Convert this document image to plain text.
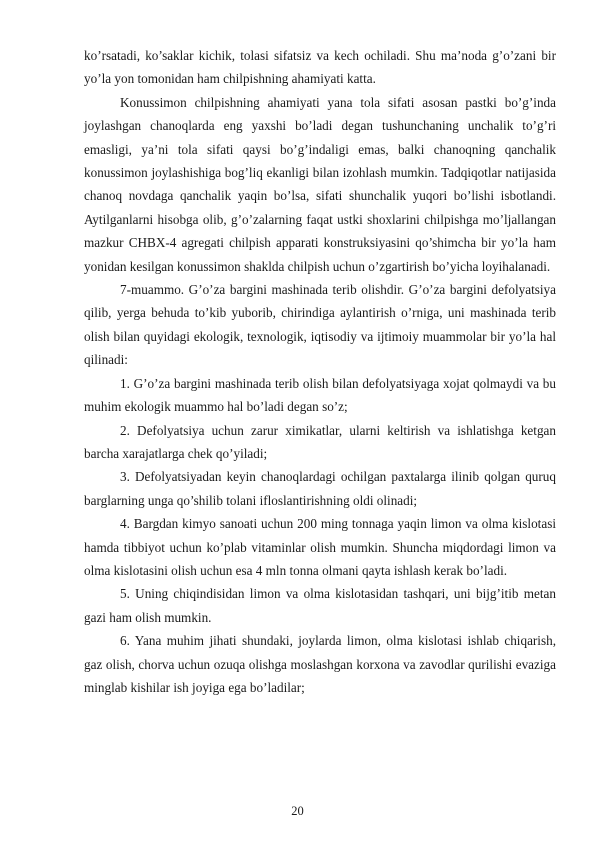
ko’rsatadi, ko’saklar kichik, tolasi sifatsiz va kech ochiladi. Shu ma’noda g’o’zani bir yo’la yon tomonidan ham chilpishning ahamiyati katta.

Konussimon chilpishning ahamiyati yana tola sifati asosan pastki bo’g’inda joylashgan chanoqlarda eng yaxshi bo’ladi degan tushunchaning unchalik to’g’ri emasligi, ya’ni tola sifati qaysi bo’g’indaligi emas, balki chanoqning qanchalik konussimon joylashishiga bog’liq ekanligi bilan izohlash mumkin. Tadqiqotlar natijasida chanoq novdaga qanchalik yaqin bo’lsa, sifati shunchalik yuqori bo’lishi isbotlandi. Aytilganlarni hisobga olib, g’o’zalarning faqat ustki shoxlarini chilpishga mo’ljallangan mazkur CHBX-4 agregati chilpish apparati konstruksiyasini qo’shimcha bir yo’la ham yonidan kesilgan konussimon shaklda chilpish uchun o’zgartirish bo’yicha loyihalanadi.

7-muammo. G’o’za bargini mashinada terib olishdir. G’o’za bargini defolyatsiya qilib, yerga behuda to’kib yuborib, chirindiga aylantirish o’rniga, uni mashinada terib olish bilan quyidagi ekologik, texnologik, iqtisodiy va ijtimoiy muammolar bir yo’la hal qilinadi:

1. G’o’za bargini mashinada terib olish bilan defolyatsiyaga xojat qolmaydi va bu muhim ekologik muammo hal bo’ladi degan so’z;

2. Defolyatsiya uchun zarur ximikatlar, ularni keltirish va ishlatishga ketgan barcha xarajatlarga chek qo’yiladi;

3. Defolyatsiyadan keyin chanoqlardagi ochilgan paxtalarga ilinib qolgan quruq barglarning unga qo’shilib tolani ifloslantirishning oldi olinadi;

4. Bargdan kimyo sanoati uchun 200 ming tonnaga yaqin limon va olma kislotasi hamda tibbiyot uchun ko’plab vitaminlar olish mumkin. Shuncha miqdordagi limon va olma kislotasini olish uchun esa 4 mln tonna olmani qayta ishlash kerak bo’ladi.

5. Uning chiqindisidan limon va olma kislotasidan tashqari, uni bijg’itib metan gazi ham olish mumkin.

6. Yana muhim jihati shundaki, joylarda limon, olma kislotasi ishlab chiqarish, gaz olish, chorva uchun ozuqa olishga moslashgan korxona va zavodlar qurilishi evaziga minglab kishilar ish joyiga ega bo’ladilar;

20
